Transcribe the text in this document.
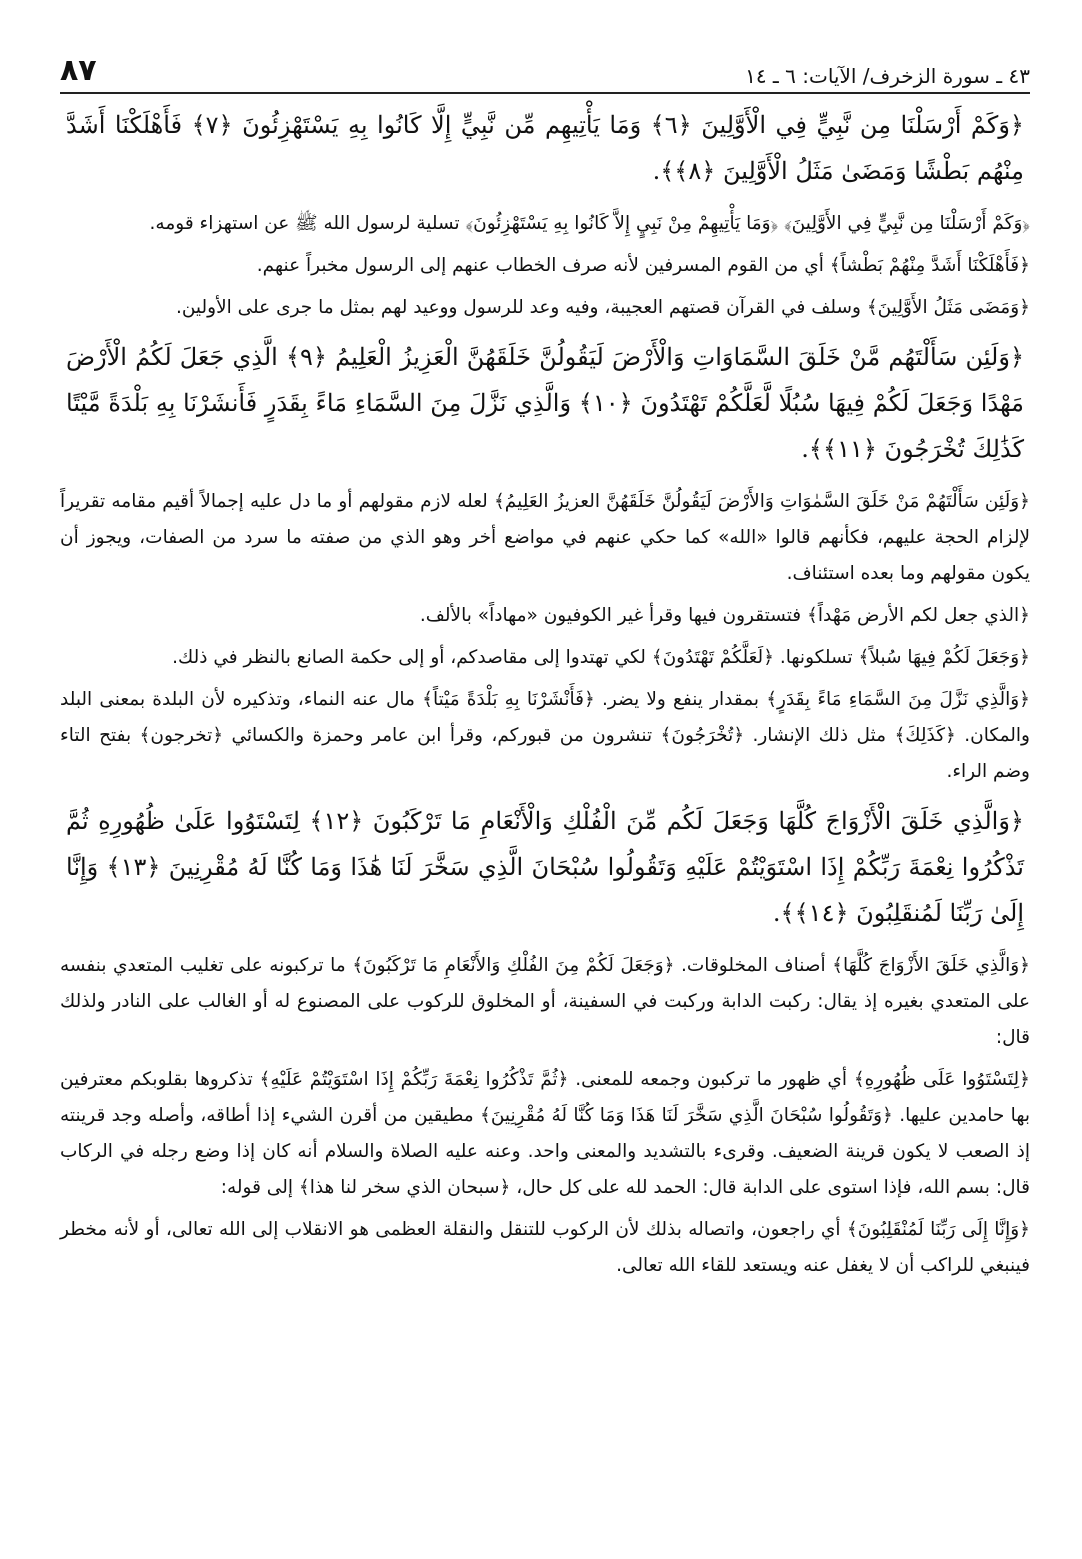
٤٣ ـ سورة الزخرف/ الآيات: ٦ ـ ١٤
٨٧
﴿وَكَمْ أَرْسَلْنَا مِن نَّبِيٍّ فِي الْأَوَّلِينَ ﴿٦﴾ وَمَا يَأْتِيهِم مِّن نَّبِيٍّ إِلَّا كَانُوا بِهِ يَسْتَهْزِئُونَ ﴿٧﴾ فَأَهْلَكْنَا أَشَدَّ مِنْهُم بَطْشًا وَمَضَىٰ مَثَلُ الْأَوَّلِينَ ﴿٨﴾﴾.

﴿وَكَمْ أَرْسَلْنَا مِن نَّبِيٍّ فِي الأَوَّلِينَ﴾ ﴿وَمَا يَأْتِيهِمْ مِنْ نَبِيٍ إِلاَّ كَانُوا بِهِ يَسْتَهْزِئُونَ﴾ تسلية لرسول الله ﷺ عن استهزاء قومه.

﴿فَأَهْلَكْنَا أَشَدَّ مِنْهُمْ بَطْشاً﴾ أي من القوم المسرفين لأنه صرف الخطاب عنهم إلى الرسول مخبراً عنهم.

﴿وَمَضَى مَثَلُ الأَوَّلِينَ﴾ وسلف في القرآن قصتهم العجيبة، وفيه وعد للرسول ووعيد لهم بمثل ما جرى على الأولين.

﴿وَلَئِن سَأَلْتَهُم مَّنْ خَلَقَ السَّمَاوَاتِ وَالْأَرْضَ لَيَقُولُنَّ خَلَقَهُنَّ الْعَزِيزُ الْعَلِيمُ ﴿٩﴾ الَّذِي جَعَلَ لَكُمُ الْأَرْضَ مَهْدًا وَجَعَلَ لَكُمْ فِيهَا سُبُلًا لَّعَلَّكُمْ تَهْتَدُونَ ﴿١٠﴾ وَالَّذِي نَزَّلَ مِنَ السَّمَاءِ مَاءً بِقَدَرٍ فَأَنشَرْنَا بِهِ بَلْدَةً مَّيْتًا كَذَٰلِكَ تُخْرَجُونَ ﴿١١﴾﴾.

﴿وَلَئِن سَأَلْتَهُمْ مَنْ خَلَقَ السَّمٰوَاتِ وَالأَرْضَ لَيَقُولُنَّ خَلَقَهُنَّ العزيزُ العَلِيمُ﴾ لعله لازم مقولهم أو ما دل عليه إجمالاً أقيم مقامه تقريراً لإلزام الحجة عليهم، فكأنهم قالوا «الله» كما حكي عنهم في مواضع أخر وهو الذي من صفته ما سرد من الصفات، ويجوز أن يكون مقولهم وما بعده استئناف.

﴿الذي جعل لكم الأرض مَهْداً﴾ فتستقرون فيها وقرأ غير الكوفيون «مهاداً» بالألف.

﴿وَجَعَلَ لَكُمْ فِيهَا سُبلاً﴾ تسلكونها. ﴿لَعَلَّكُمْ تَهْتَدُونَ﴾ لكي تهتدوا إلى مقاصدكم، أو إلى حكمة الصانع بالنظر في ذلك.

﴿وَالَّذِي نَزَّلَ مِنَ السَّمَاءِ مَاءً بِقَدَرٍ﴾ بمقدار ينفع ولا يضر. ﴿فَأَنْشَرْنَا بِهِ بَلْدَةً مَيْتاً﴾ مال عنه النماء، وتذكيره لأن البلدة بمعنى البلد والمكان. ﴿كَذَلِكَ﴾ مثل ذلك الإنشار. ﴿تُخْرَجُونَ﴾ تنشرون من قبوركم، وقرأ ابن عامر وحمزة والكسائي ﴿تخرجون﴾ بفتح التاء وضم الراء.

﴿وَالَّذِي خَلَقَ الْأَزْوَاجَ كُلَّهَا وَجَعَلَ لَكُم مِّنَ الْفُلْكِ وَالْأَنْعَامِ مَا تَرْكَبُونَ ﴿١٢﴾ لِتَسْتَوُوا عَلَىٰ ظُهُورِهِ ثُمَّ تَذْكُرُوا نِعْمَةَ رَبِّكُمْ إِذَا اسْتَوَيْتُمْ عَلَيْهِ وَتَقُولُوا سُبْحَانَ الَّذِي سَخَّرَ لَنَا هَٰذَا وَمَا كُنَّا لَهُ مُقْرِنِينَ ﴿١٣﴾ وَإِنَّا إِلَىٰ رَبِّنَا لَمُنقَلِبُونَ ﴿١٤﴾﴾.

﴿وَالَّذِي خَلَقَ الأَزْوَاجَ كُلَّهَا﴾ أصناف المخلوقات. ﴿وَجَعَلَ لَكُمْ مِنَ الفُلْكِ وَالأَنْعَامِ مَا تَرْكَبُونَ﴾ ما تركبونه على تغليب المتعدي بنفسه على المتعدي بغيره إذ يقال: ركبت الدابة وركبت في السفينة، أو المخلوق للركوب على المصنوع له أو الغالب على النادر ولذلك قال:

﴿لِتَسْتَوُوا عَلَى ظُهُورِهِ﴾ أي ظهور ما تركبون وجمعه للمعنى. ﴿ثُمَّ تَذْكُرُوا نِعْمَةَ رَبِّكُمْ إِذَا اسْتَوَيْتُمْ عَلَيْهِ﴾ تذكروها بقلوبكم معترفين بها حامدين عليها. ﴿وَتَقُولُوا سُبْحَانَ الَّذِي سَخَّرَ لَنَا هَذَا وَمَا كُنَّا لَهُ مُقْرِنِينَ﴾ مطيقين من أقرن الشيء إذا أطاقه، وأصله وجد قرينته إذ الصعب لا يكون قرينة الضعيف. وقرىء بالتشديد والمعنى واحد. وعنه عليه الصلاة والسلام أنه كان إذا وضع رجله في الركاب قال: بسم الله، فإذا استوى على الدابة قال: الحمد لله على كل حال، ﴿سبحان الذي سخر لنا هذا﴾ إلى قوله:

﴿وَإِنَّا إِلَى رَبِّنَا لَمُنْقَلِبُونَ﴾ أي راجعون، واتصاله بذلك لأن الركوب للتنقل والنقلة العظمى هو الانقلاب إلى الله تعالى، أو لأنه مخطر فينبغي للراكب أن لا يغفل عنه ويستعد للقاء الله تعالى.
